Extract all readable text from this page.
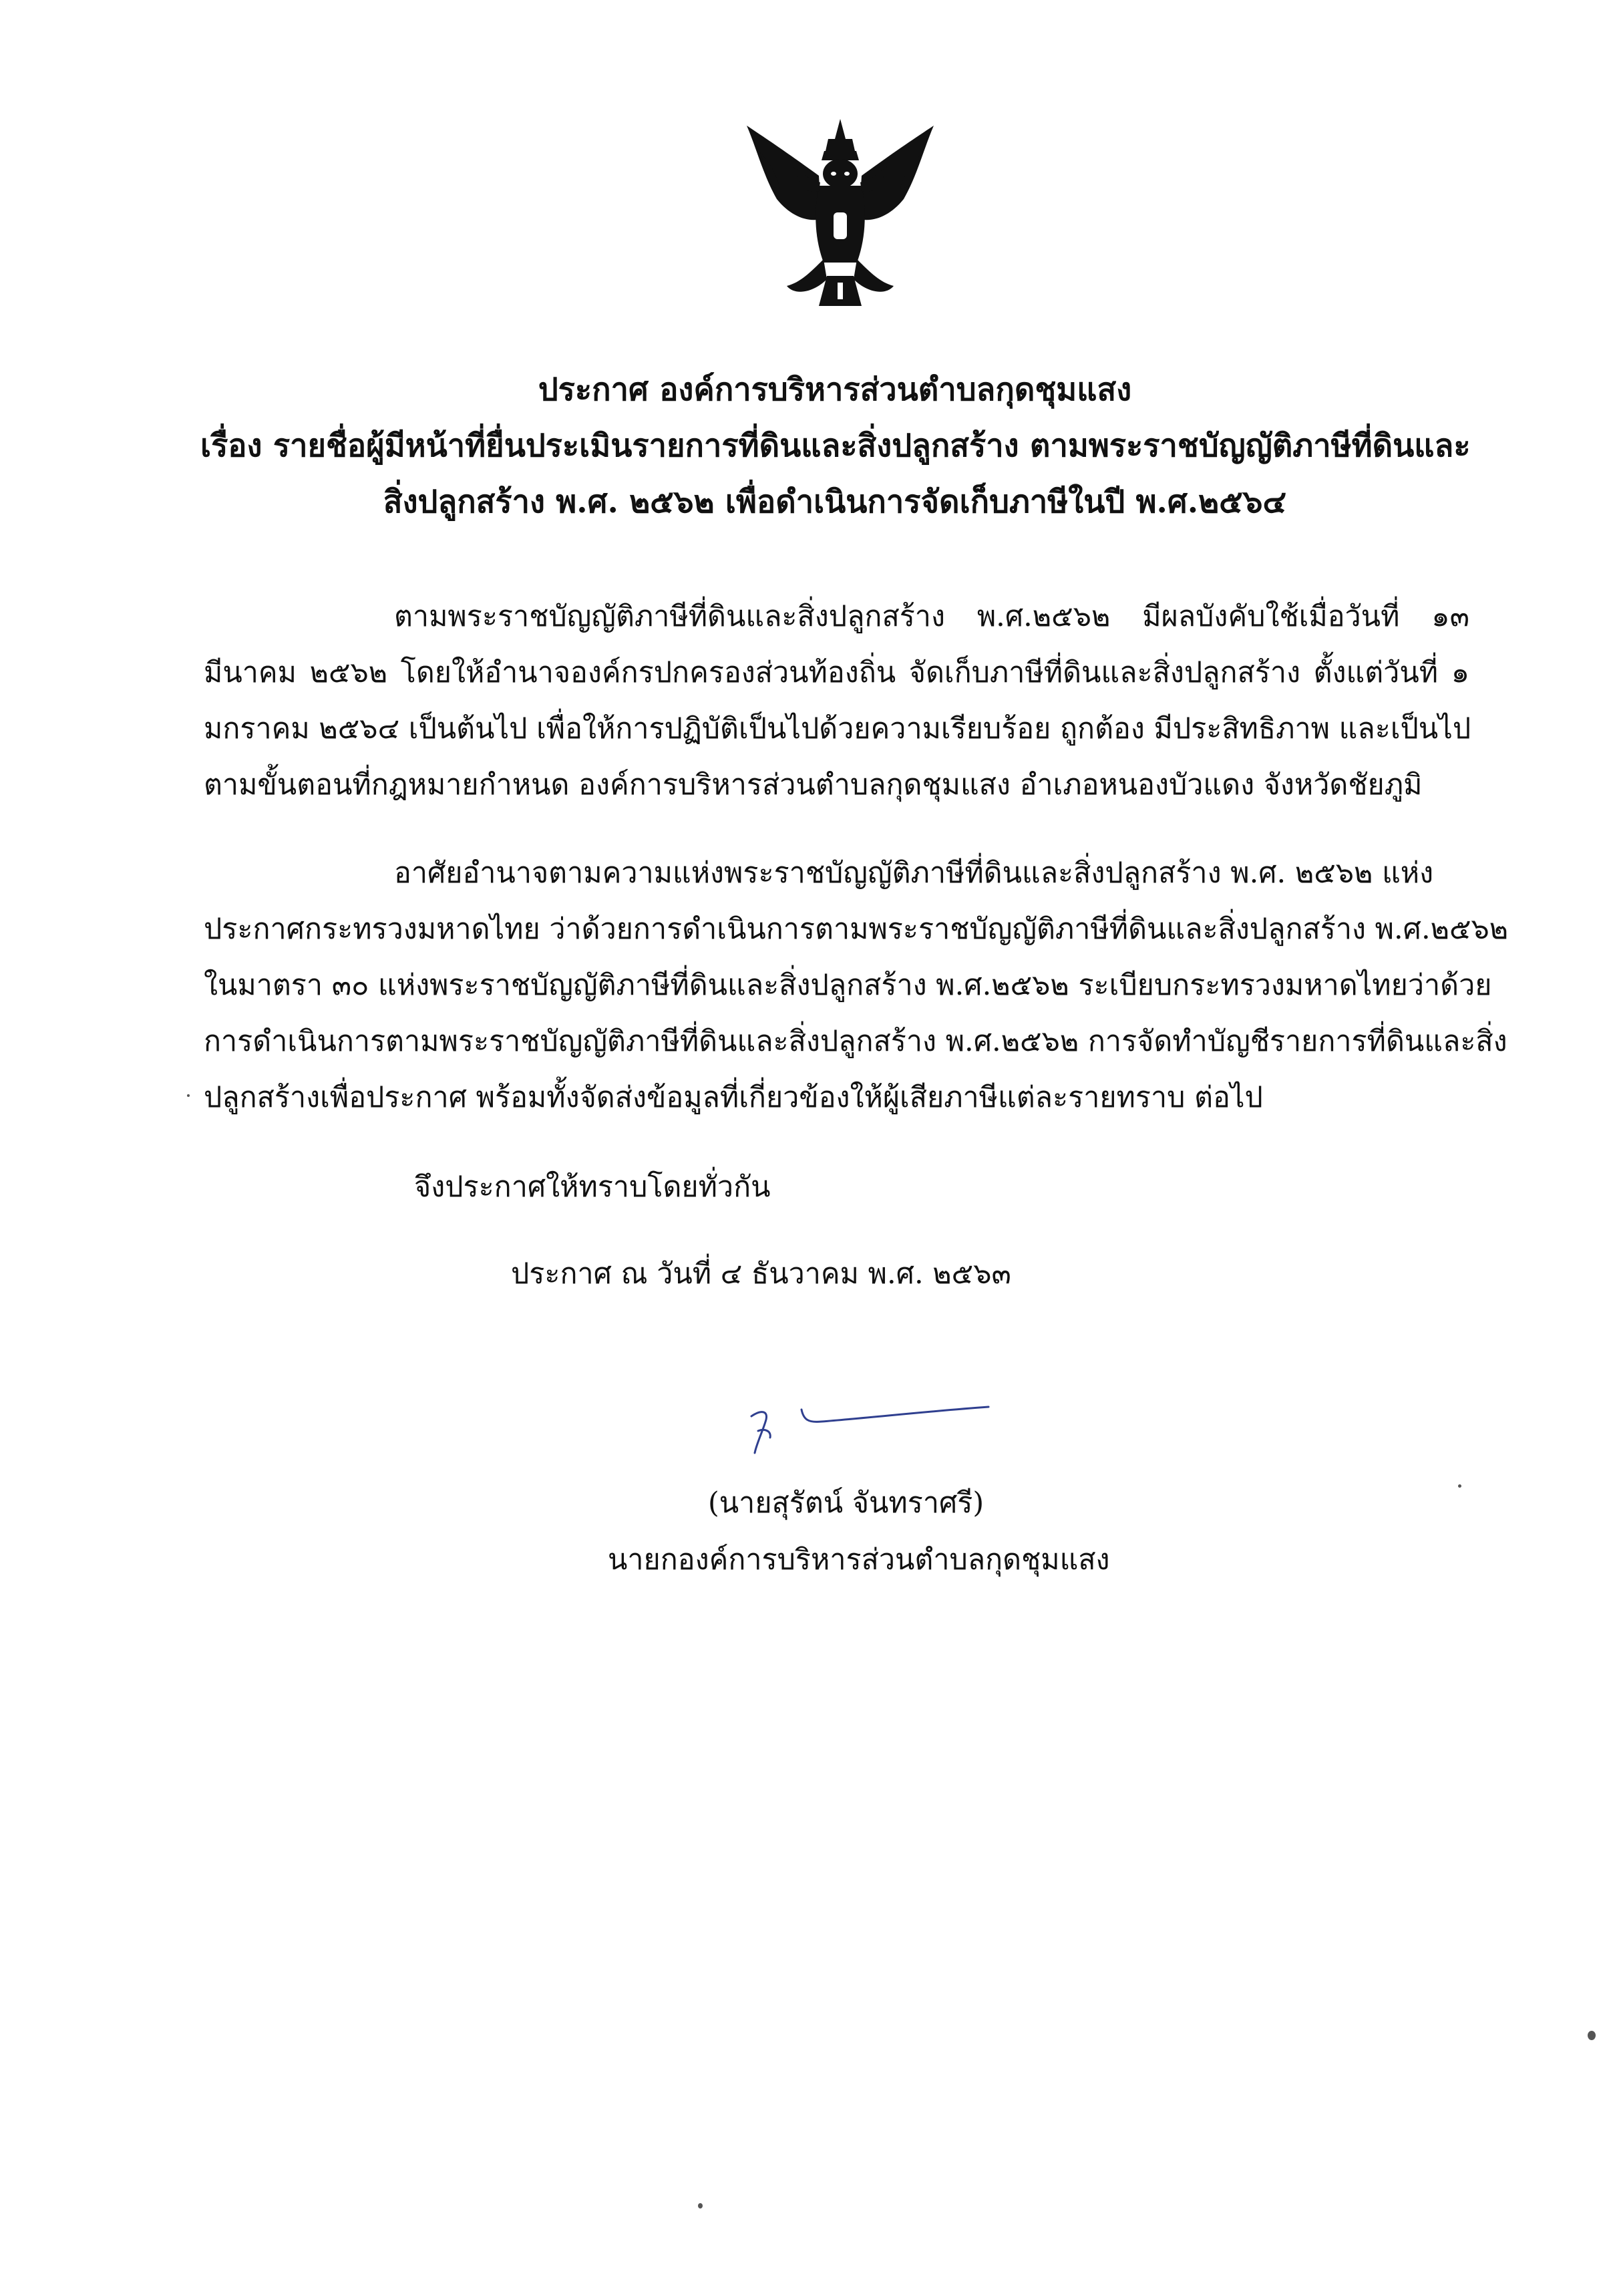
ประกาศ องค์การบริหารส่วนตำบลกุดชุมแสง
เรื่อง รายชื่อผู้มีหน้าที่ยื่นประเมินรายการที่ดินและสิ่งปลูกสร้าง ตามพระราชบัญญัติภาษีที่ดินและ
สิ่งปลูกสร้าง พ.ศ. ๒๕๖๒ เพื่อดำเนินการจัดเก็บภาษีในปี พ.ศ.๒๕๖๔
ตามพระราชบัญญัติภาษีที่ดินและสิ่งปลูกสร้าง พ.ศ.๒๕๖๒ มีผลบังคับใช้เมื่อวันที่ ๑๓
มีนาคม ๒๕๖๒ โดยให้อำนาจองค์กรปกครองส่วนท้องถิ่น จัดเก็บภาษีที่ดินและสิ่งปลูกสร้าง ตั้งแต่วันที่ ๑
มกราคม ๒๕๖๔ เป็นต้นไป เพื่อให้การปฏิบัติเป็นไปด้วยความเรียบร้อย ถูกต้อง มีประสิทธิภาพ และเป็นไป
ตามขั้นตอนที่กฎหมายกำหนด องค์การบริหารส่วนตำบลกุดชุมแสง อำเภอหนองบัวแดง จังหวัดชัยภูมิ
อาศัยอำนาจตามความแห่งพระราชบัญญัติภาษีที่ดินและสิ่งปลูกสร้าง พ.ศ. ๒๕๖๒ แห่ง
ประกาศกระทรวงมหาดไทย ว่าด้วยการดำเนินการตามพระราชบัญญัติภาษีที่ดินและสิ่งปลูกสร้าง พ.ศ.๒๕๖๒
ในมาตรา ๓๐ แห่งพระราชบัญญัติภาษีที่ดินและสิ่งปลูกสร้าง พ.ศ.๒๕๖๒ ระเบียบกระทรวงมหาดไทยว่าด้วย
การดำเนินการตามพระราชบัญญัติภาษีที่ดินและสิ่งปลูกสร้าง พ.ศ.๒๕๖๒ การจัดทำบัญชีรายการที่ดินและสิ่ง
ปลูกสร้างเพื่อประกาศ พร้อมทั้งจัดส่งข้อมูลที่เกี่ยวข้องให้ผู้เสียภาษีแต่ละรายทราบ ต่อไป
จึงประกาศให้ทราบโดยทั่วกัน
ประกาศ ณ วันที่ ๔ ธันวาคม พ.ศ. ๒๕๖๓
(นายสุรัตน์ จันทราศรี)
นายกองค์การบริหารส่วนตำบลกุดชุมแสง
